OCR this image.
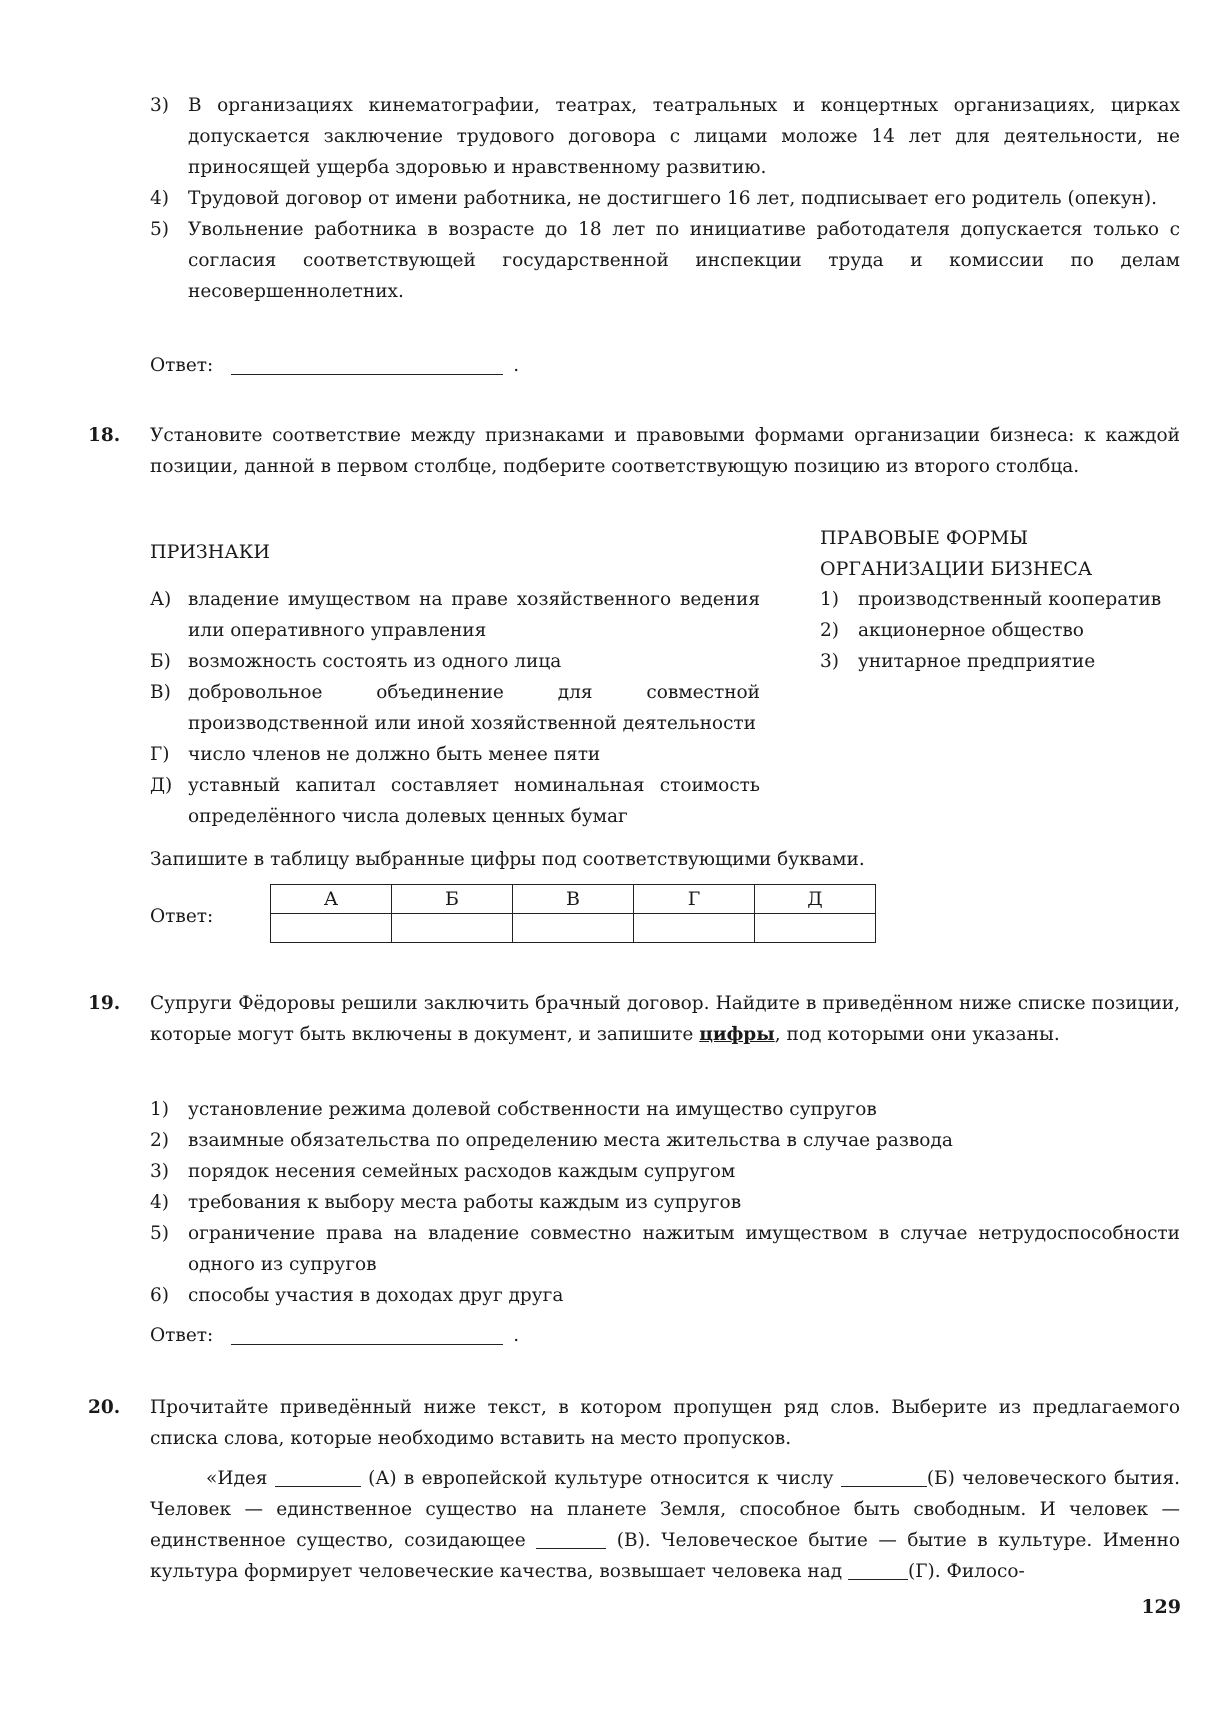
3) В организациях кинематографии, театрах, театральных и концертных организациях, цирках допускается заключение трудового договора с лицами моложе 14 лет для деятельности, не приносящей ущерба здоровью и нравственному развитию.
4) Трудовой договор от имени работника, не достигшего 16 лет, подписывает его родитель (опекун).
5) Увольнение работника в возрасте до 18 лет по инициативе работодателя допускается только с согласия соответствующей государственной инспекции труда и комиссии по делам несовершеннолетних.
Ответ:	.
18. Установите соответствие между признаками и правовыми формами организации бизнеса: к каждой позиции, данной в первом столбце, подберите соответствующую позицию из второго столбца.
ПРИЗНАКИ
ПРАВОВЫЕ ФОРМЫ
ОРГАНИЗАЦИИ БИЗНЕСА
А) владение имуществом на праве хозяйственного ведения или оперативного управления
Б) возможность состоять из одного лица
В) добровольное объединение для совместной производственной или иной хозяйственной деятельности
Г) число членов не должно быть менее пяти
Д) уставный капитал составляет номинальная стоимость определённого числа долевых ценных бумаг
1) производственный кооператив
2) акционерное общество
3) унитарное предприятие
Запишите в таблицу выбранные цифры под соответствующими буквами.
Ответ:
А	Б	В	Г	Д

19. Супруги Фёдоровы решили заключить брачный договор. Найдите в приведённом ниже списке позиции, которые могут быть включены в документ, и запишите цифры, под которыми они указаны.
1) установление режима долевой собственности на имущество супругов
2) взаимные обязательства по определению места жительства в случае развода
3) порядок несения семейных расходов каждым супругом
4) требования к выбору места работы каждым из супругов
5) ограничение права на владение совместно нажитым имуществом в случае нетрудоспособности одного из супругов
6) способы участия в доходах друг друга
Ответ:	.
20. Прочитайте приведённый ниже текст, в котором пропущен ряд слов. Выберите из предлагаемого списка слова, которые необходимо вставить на место пропусков.
«Идея	(А) в европейской культуре относится к числу	(Б) человеческого бытия. Человек — единственное существо на планете Земля, способное быть свободным. И человек — единственное существо, созидающее	(В). Человеческое бытие — бытие в культуре. Именно культура формирует человеческие качества, возвышает человека над	(Г). Филосо-
129
